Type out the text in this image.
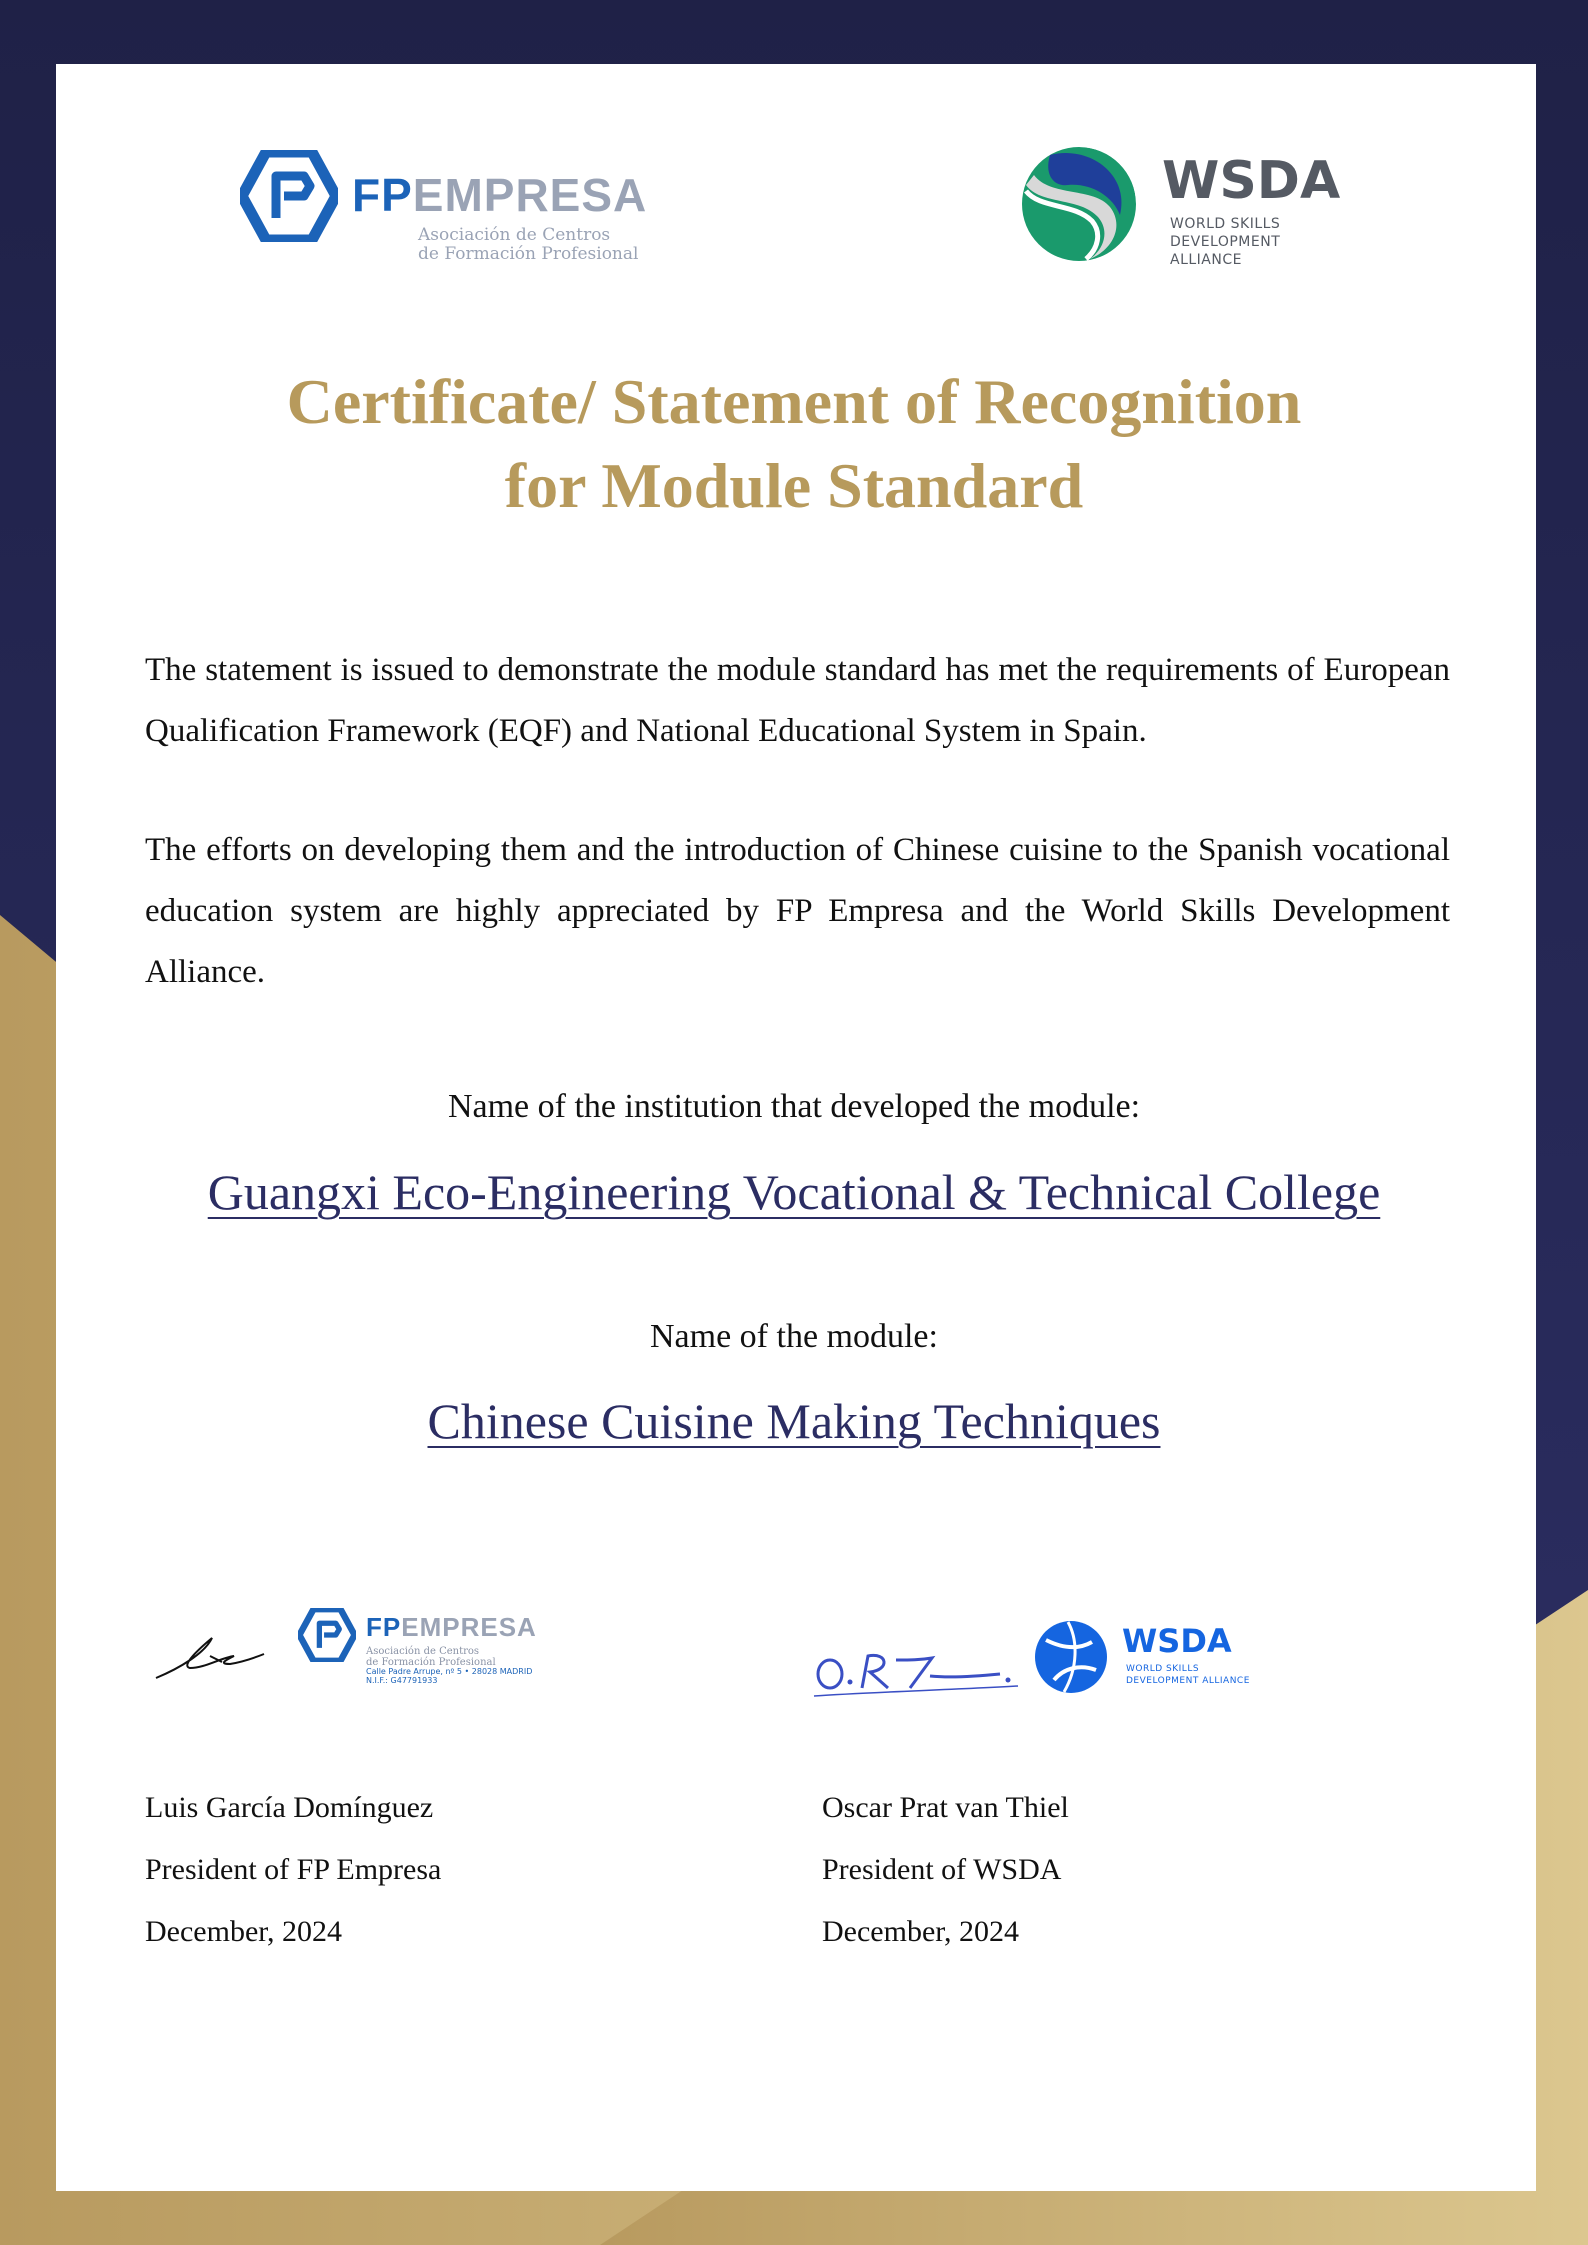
FPEMPRESA
Asociación de Centros
de Formación Profesional
WSDA
WORLD SKILLS
DEVELOPMENT ALLIANCE
Certificate/ Statement of Recognition
for Module Standard
The statement is issued to demonstrate the module standard has met the requirements of European Qualification Framework (EQF) and National Educational System in Spain.
The efforts on developing them and the introduction of Chinese cuisine to the Spanish vocational education system are highly appreciated by FP Empresa and the World Skills Development Alliance.
Name of the institution that developed the module:
Guangxi Eco-Engineering Vocational & Technical College
Name of the module:
Chinese Cuisine Making Techniques
FPEMPRESA
Asociación de Centros
de Formación Profesional
Calle Padre Arrupe, nº 5 • 28028 MADRID
N.I.F.: G47791933
WSDA
WORLD SKILLS
DEVELOPMENT ALLIANCE
Luis García Domínguez
President of FP Empresa
December, 2024
Oscar Prat van Thiel
President of WSDA
December, 2024
